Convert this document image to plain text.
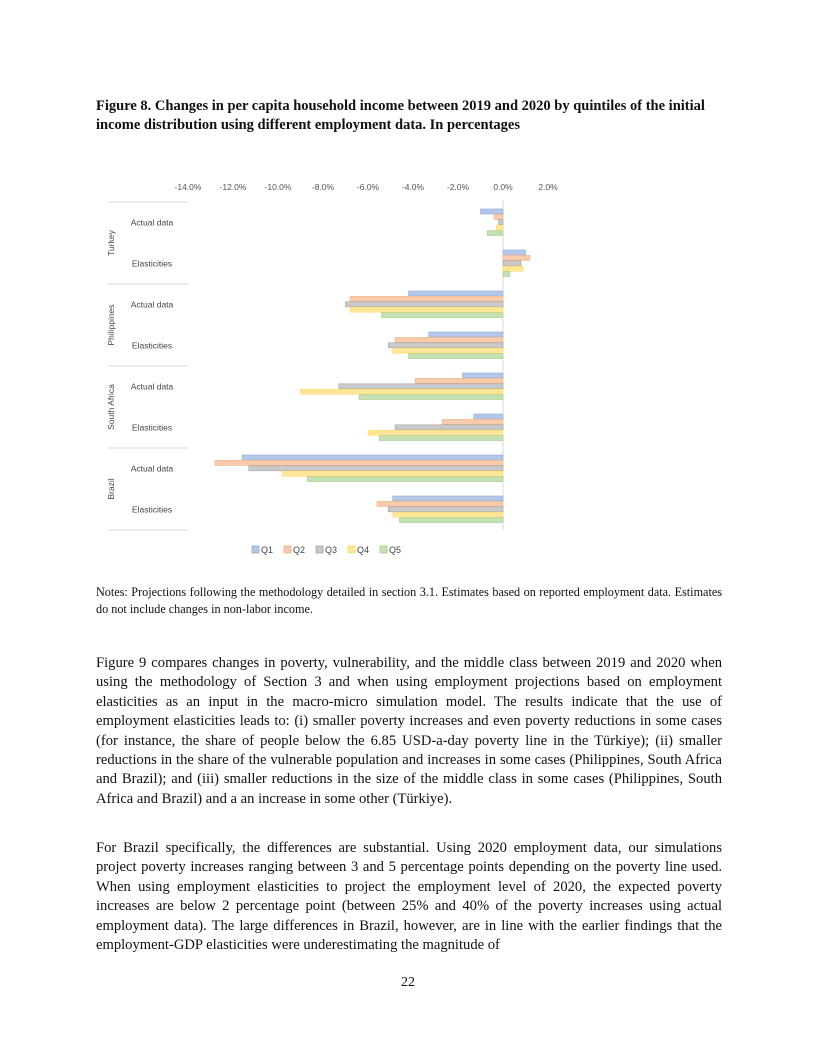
Figure 8. Changes in per capita household income between 2019 and 2020 by quintiles of the initial income distribution using different employment data. In percentages

-14.0% -12.0% -10.0% -8.0%	-6.0%	-4.0%	-2.0%	0.0%	2.0%
Turkey
Actual data
Elasticities
Philippines Actual data
Elasticities
South Africa Actual data
Elasticities
Brazil
Actual data
Elasticities
Q1 Q2 Q3 Q4 Q5

Notes: Projections following the methodology detailed in section 3.1. Estimates based on reported employment data. Estimates do not include changes in non-labor income.

Figure 9 compares changes in poverty, vulnerability, and the middle class between 2019 and 2020 when using the methodology of Section 3 and when using employment projections based on employment elasticities as an input in the macro-micro simulation model. The results indicate that the use of employment elasticities leads to: (i) smaller poverty increases and even poverty reductions in some cases (for instance, the share of people below the 6.85 USD-a-day poverty line in the Türkiye); (ii) smaller reductions in the share of the vulnerable population and increases in some cases (Philippines, South Africa and Brazil); and (iii) smaller reductions in the size of the middle class in some cases (Philippines, South Africa and Brazil) and a an increase in some other (Türkiye).

For Brazil specifically, the differences are substantial. Using 2020 employment data, our simulations project poverty increases ranging between 3 and 5 percentage points depending on the poverty line used. When using employment elasticities to project the employment level of 2020, the expected poverty increases are below 2 percentage point (between 25% and 40% of the poverty increases using actual employment data). The large differences in Brazil, however, are in line with the earlier findings that the employment-GDP elasticities were underestimating the magnitude of

22
